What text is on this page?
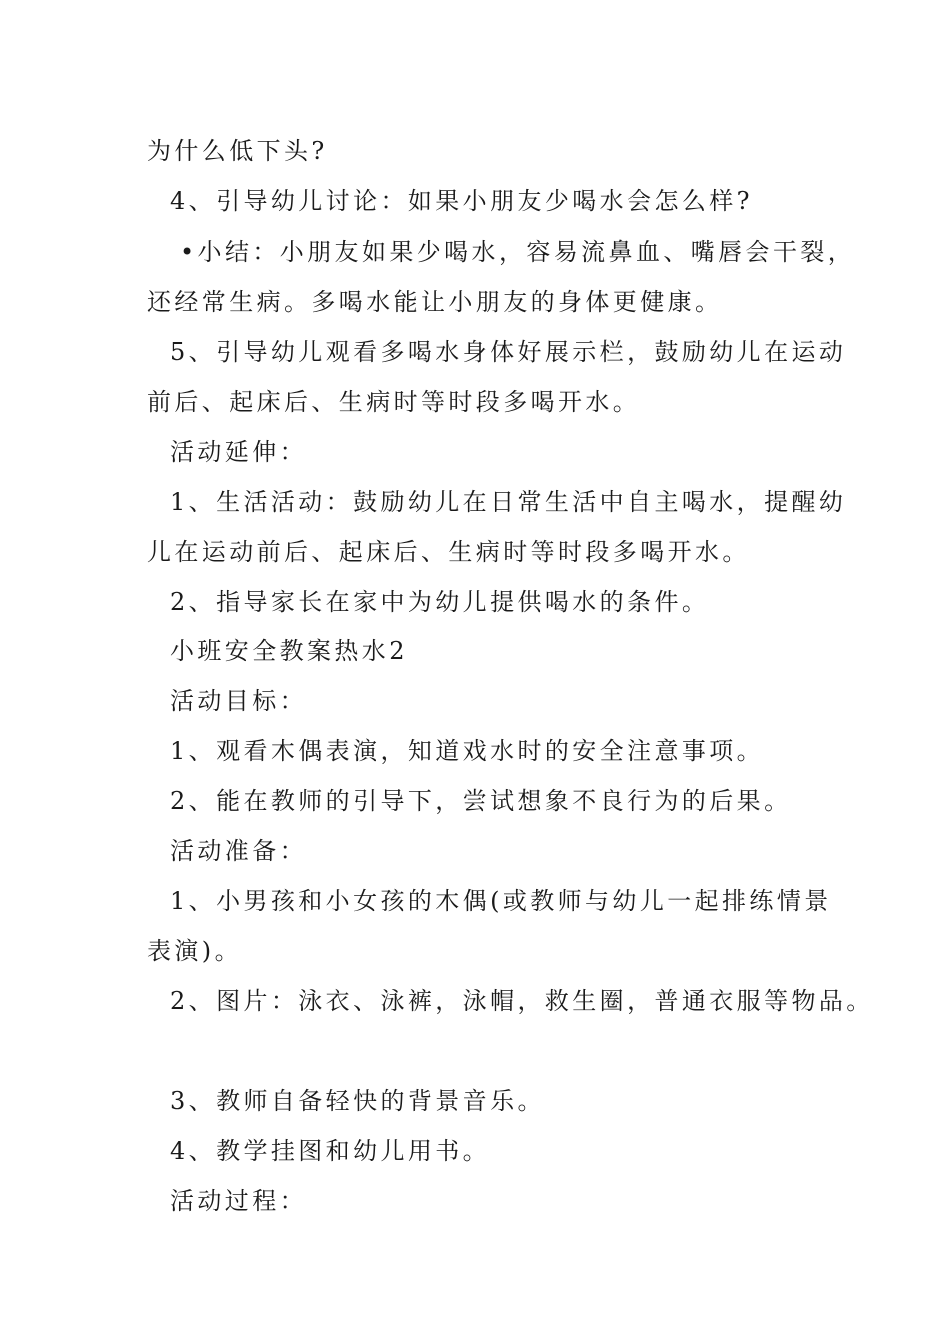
为什么低下头?
4、引导幼儿讨论：如果小朋友少喝水会怎么样?
•小结：小朋友如果少喝水，容易流鼻血、嘴唇会干裂，
还经常生病。多喝水能让小朋友的身体更健康。
5、引导幼儿观看多喝水身体好展示栏，鼓励幼儿在运动
前后、起床后、生病时等时段多喝开水。
活动延伸：
1、生活活动：鼓励幼儿在日常生活中自主喝水，提醒幼
儿在运动前后、起床后、生病时等时段多喝开水。
2、指导家长在家中为幼儿提供喝水的条件。
小班安全教案热水2
活动目标：
1、观看木偶表演，知道戏水时的安全注意事项。
2、能在教师的引导下，尝试想象不良行为的后果。
活动准备：
1、小男孩和小女孩的木偶(或教师与幼儿一起排练情景
表演)。
2、图片：泳衣、泳裤，泳帽，救生圈，普通衣服等物品。
3、教师自备轻快的背景音乐。
4、教学挂图和幼儿用书。
活动过程：
